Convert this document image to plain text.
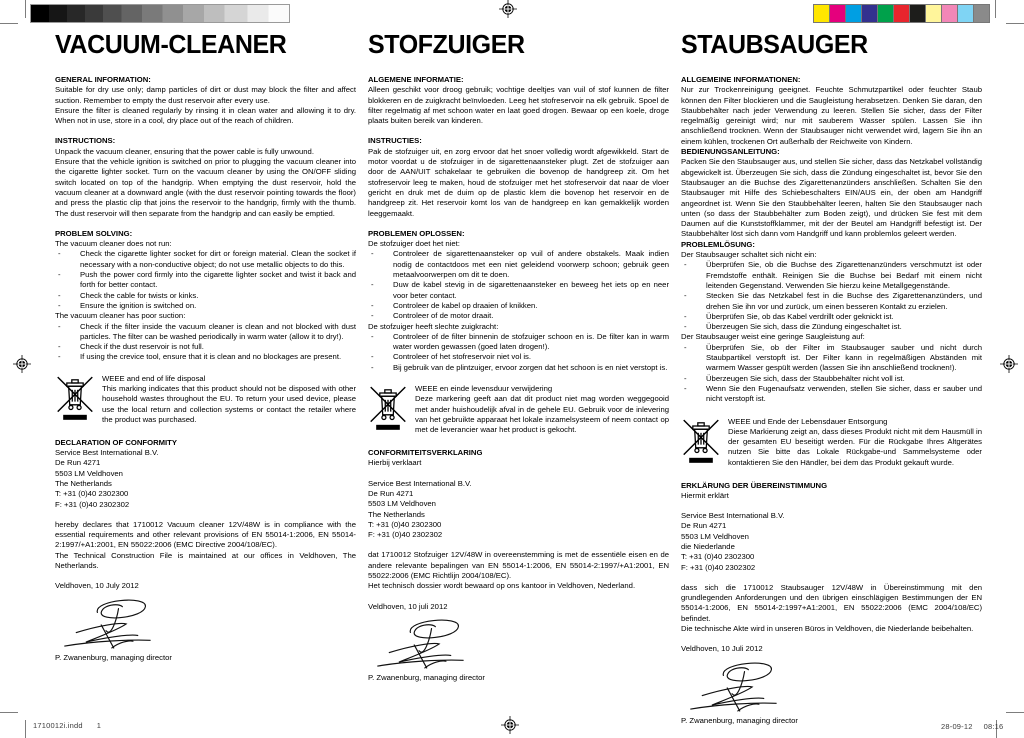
VACUUM-CLEANER
GENERAL INFORMATION:

Suitable for dry use only; damp particles of dirt or dust may block the filter and affect suction. Remember to empty the dust reservoir after every use.

Ensure the filter is cleaned regularly by rinsing it in clean water and allowing it to dry. When not in use, store in a cool, dry place out of the reach of children.

INSTRUCTIONS:

Unpack the vacuum cleaner, ensuring that the power cable is fully unwound.

Ensure that the vehicle ignition is switched on prior to plugging the vacuum cleaner into the cigarette lighter socket. Turn on the vacuum cleaner by using the ON/OFF sliding switch located on top of the handgrip. When emptying the dust reservoir, hold the vacuum cleaner at a downward angle (with the dust reservoir pointing towards the floor) and press the plastic clip that joins the reservoir to the handgrip, firmly with the thumb. The dust reservoir will then separate from the handgrip and can easily be emptied.

PROBLEM SOLVING:

The vacuum cleaner does not run:

- Check the cigarette lighter socket for dirt or foreign material. Clean the socket if necessary with a non-conductive object; do not use metallic objects to do this.
- Push the power cord firmly into the cigarette lighter socket and twist it back and forth for better contact.
- Check the cable for twists or kinks.
- Ensure the ignition is switched on.

The vacuum cleaner has poor suction:

- Check if the filter inside the vacuum cleaner is clean and not blocked with dust particles. The filter can be washed periodically in warm water (allow it to dry!).
- Check if the dust reservoir is not full.
- If using the crevice tool, ensure that it is clean and no blockages are present.
WEEE and end of life disposal

This marking indicates that this product should not be disposed with other household wastes throughout the EU. To return your used device, please use the local return and collection systems or contact the retailer where the product was purchased.

DECLARATION OF CONFORMITY
Service Best International B.V.
De Run 4271
5503 LM Veldhoven
The Netherlands
T: +31 (0)40 2302300
F: +31 (0)40 2302302

hereby declares that 1710012 Vacuum cleaner 12V/48W is in compliance with the essential requirements and other relevant provisions of EN 55014-1:2006, EN 55014-2:1997/+A1:2001, EN 55022:2006 (EMC Directive 2004/108/EC).

The Technical Construction File is maintained at our offices in Veldhoven, The Netherlands.

Veldhoven, 10 July 2012
P. Zwanenburg, managing director
STOFZUIGER
ALGEMENE INFORMATIE:

Alleen geschikt voor droog gebruik; vochtige deeltjes van vuil of stof kunnen de filter blokkeren en de zuigkracht beïnvloeden. Leeg het stofreservoir na elk gebruik. Spoel de filter regelmatig af met schoon water en laat goed drogen. Bewaar op een koele, droge plaats buiten bereik van kinderen.

INSTRUCTIES:

Pak de stofzuiger uit, en zorg ervoor dat het snoer volledig wordt afgewikkeld. Start de motor voordat u de stofzuiger in de sigarettenaansteker plugt. Zet de stofzuiger aan door de AAN/UIT schakelaar te gebruiken die bovenop de handgreep zit. Om het stofreservoir leeg te maken, houd de stofzuiger met het stofreservoir dat naar de vloer gericht en druk met de duim op de plastic klem die bovenop het reservoir en de handgreep zit. Het reservoir komt los van de handgreep en kan gemakkelijk worden leeggemaakt.

PROBLEMEN OPLOSSEN:

De stofzuiger doet het niet:

- Controleer de sigarettenaansteker op vuil of andere obstakels. Maak indien nodig de contactdoos met een niet geleidend voorwerp schoon; gebruik geen metaalvoorwerpen om dit te doen.
- Duw de kabel stevig in de sigarettenaansteker en beweeg het iets op en neer voor beter contact.
- Controleer de kabel op draaien of knikken.
- Controleer of de motor draait.

De stofzuiger heeft slechte zuigkracht:

- Controleer of de filter binnenin de stofzuiger schoon en is. De filter kan in warm water worden gewassen (goed laten drogen!).
- Controleer of het stofreservoir niet vol is.
- Bij gebruik van de plintzuiger, ervoor zorgen dat het schoon is en niet verstopt is.
WEEE en einde levensduur verwijdering

Deze markering geeft aan dat dit product niet mag worden weggegooid met ander huishoudelijk afval in de gehele EU. Gebruik voor de inlevering van het gebruikte apparaat het lokale inzamelsysteem of neem contact op met de leverancier waar het product is gekocht.

CONFORMITEITSVERKLARING
Hierbij verklaart
Service Best International B.V.
De Run 4271
5503 LM Veldhoven
The Netherlands
T: +31 (0)40 2302300
F: +31 (0)40 2302302

dat 1710012 Stofzuiger 12V/48W in overeenstemming is met de essentiële eisen en de andere relevante bepalingen van EN 55014-1:2006, EN 55014-2:1997/+A1:2001, EN 55022:2006 (EMC Richtlijn 2004/108/EC).

Het technisch dossier wordt bewaard op ons kantoor in Veldhoven, Nederland.

Veldhoven, 10 juli 2012
P. Zwanenburg, managing director
STAUBSAUGER
ALLGEMEINE INFORMATIONEN:

Nur zur Trockenreinigung geeignet. Feuchte Schmutzpartikel oder feuchter Staub können den Filter blockieren und die Saugleistung herabsetzen. Denken Sie daran, den Staubbehälter nach jeder Verwendung zu leeren. Stellen Sie sicher, dass der Filter regelmäßig gereinigt wird; nur mit sauberem Wasser spülen. Lassen Sie ihn anschließend trocknen. Wenn der Staubsauger nicht verwendet wird, lagern Sie ihn an einem kühlen, trockenen Ort außerhalb der Reichweite von Kindern.

BEDIENUNGSANLEITUNG:

Packen Sie den Staubsauger aus, und stellen Sie sicher, dass das Netzkabel vollständig abgewickelt ist. Überzeugen Sie sich, dass die Zündung eingeschaltet ist, bevor Sie den Staubsauger an die Buchse des Zigarettenanzünders anschließen. Schalten Sie den Staubsauger mit Hilfe des Schiebeschalters EIN/AUS ein, der oben am Handgriff angeordnet ist. Wenn Sie den Staubbehälter leeren, halten Sie den Staubsauger nach unten (so dass der Staubbehälter zum Boden zeigt), und drücken Sie fest mit dem Daumen auf die Kunststoffklammer, mit der der Beutel am Handgriff befestigt ist. Der Staubbehälter löst sich dann vom Handgriff und kann problemlos geleert werden.

PROBLEMLÖSUNG:

Der Staubsauger schaltet sich nicht ein:

- Überprüfen Sie, ob die Buchse des Zigarettenanzünders verschmutzt ist oder Fremdstoffe enthält. Reinigen Sie die Buchse bei Bedarf mit einem nicht leitenden Gegenstand. Verwenden Sie hierzu keine Metallgegenstände.
- Stecken Sie das Netzkabel fest in die Buchse des Zigarettenanzünders, und drehen Sie ihn vor und zurück, um einen besseren Kontakt zu erzielen.
- Überprüfen Sie, ob das Kabel verdrillt oder geknickt ist.
- Überzeugen Sie sich, dass die Zündung eingeschaltet ist.

Der Staubsauger weist eine geringe Saugleistung auf:

- Überprüfen Sie, ob der Filter im Staubsauger sauber und nicht durch Staubpartikel verstopft ist. Der Filter kann in regelmäßigen Abständen mit warmem Wasser gespült werden (lassen Sie ihn anschließend trocknen!).
- Überzeugen Sie sich, dass der Staubbehälter nicht voll ist.
- Wenn Sie den Fugenaufsatz verwenden, stellen Sie sicher, dass er sauber und nicht verstopft ist.
WEEE und Ende der Lebensdauer Entsorgung

Diese Markierung zeigt an, dass dieses Produkt nicht mit dem Hausmüll in der gesamten EU beseitigt werden. Für die Rückgabe Ihres Altgerätes nutzen Sie bitte das Lokale Rückgabe-und Sammelsysteme oder kontaktieren Sie den Händler, bei dem das Produkt gekauft wurde.

ERKLÄRUNG DER ÜBEREINSTIMMUNG
Hiermit erklärt
Service Best International B.V.
De Run 4271
5503 LM Veldhoven
die Niederlande
T: +31 (0)40 2302300
F: +31 (0)40 2302302

dass sich die 1710012 Staubsauger 12V/48W in Übereinstimmung mit den grundlegenden Anforderungen und den übrigen einschlägigen Bestimmungen der EN 55014-1:2006, EN 55014-2:1997+A1:2001, EN 55022:2006 (EMC 2004/108/EC) befindet.

Die technische Akte wird in unseren Büros in Veldhoven, die Niederlande beibehalten.

Veldhoven, 10 Juli 2012
P. Zwanenburg, managing director
1710012i.indd 1	28-09-12 08:16
